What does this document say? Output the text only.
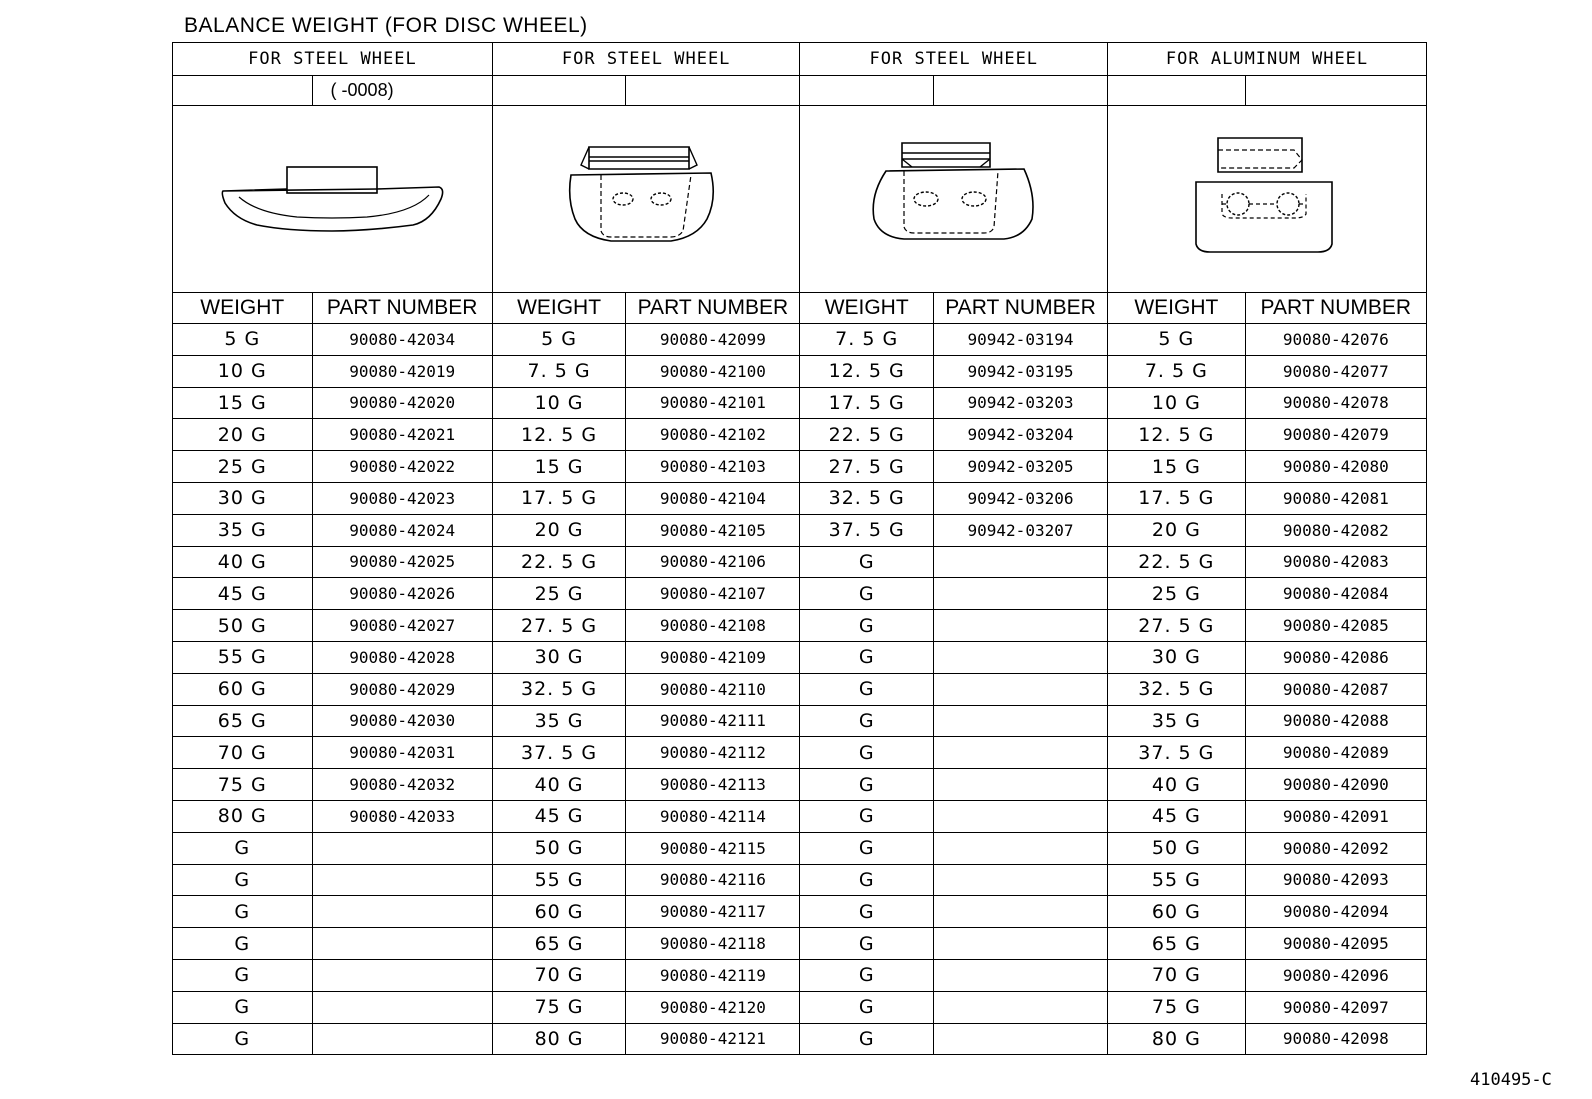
BALANCE WEIGHT (FOR DISC WHEEL)
FOR STEEL WHEEL		FOR STEEL WHEEL		FOR STEEL WHEEL		FOR ALUMINUM WHEEL	
	( -0008)						

WEIGHT	PART NUMBER	WEIGHT	PART NUMBER	WEIGHT	PART NUMBER	WEIGHT	PART NUMBER
5 G	90080-42034	5 G	90080-42099	7. 5 G	90942-03194	5 G	90080-42076
10 G	90080-42019	7. 5 G	90080-42100	12. 5 G	90942-03195	7. 5 G	90080-42077
15 G	90080-42020	10 G	90080-42101	17. 5 G	90942-03203	10 G	90080-42078
20 G	90080-42021	12. 5 G	90080-42102	22. 5 G	90942-03204	12. 5 G	90080-42079
25 G	90080-42022	15 G	90080-42103	27. 5 G	90942-03205	15 G	90080-42080
30 G	90080-42023	17. 5 G	90080-42104	32. 5 G	90942-03206	17. 5 G	90080-42081
35 G	90080-42024	20 G	90080-42105	37. 5 G	90942-03207	20 G	90080-42082
40 G	90080-42025	22. 5 G	90080-42106	G		22. 5 G	90080-42083
45 G	90080-42026	25 G	90080-42107	G		25 G	90080-42084
50 G	90080-42027	27. 5 G	90080-42108	G		27. 5 G	90080-42085
55 G	90080-42028	30 G	90080-42109	G		30 G	90080-42086
60 G	90080-42029	32. 5 G	90080-42110	G		32. 5 G	90080-42087
65 G	90080-42030	35 G	90080-42111	G		35 G	90080-42088
70 G	90080-42031	37. 5 G	90080-42112	G		37. 5 G	90080-42089
75 G	90080-42032	40 G	90080-42113	G		40 G	90080-42090
80 G	90080-42033	45 G	90080-42114	G		45 G	90080-42091
G		50 G	90080-42115	G		50 G	90080-42092
G		55 G	90080-42116	G		55 G	90080-42093
G		60 G	90080-42117	G		60 G	90080-42094
G		65 G	90080-42118	G		65 G	90080-42095
G		70 G	90080-42119	G		70 G	90080-42096
G		75 G	90080-42120	G		75 G	90080-42097
G		80 G	90080-42121	G		80 G	90080-42098
410495-C
